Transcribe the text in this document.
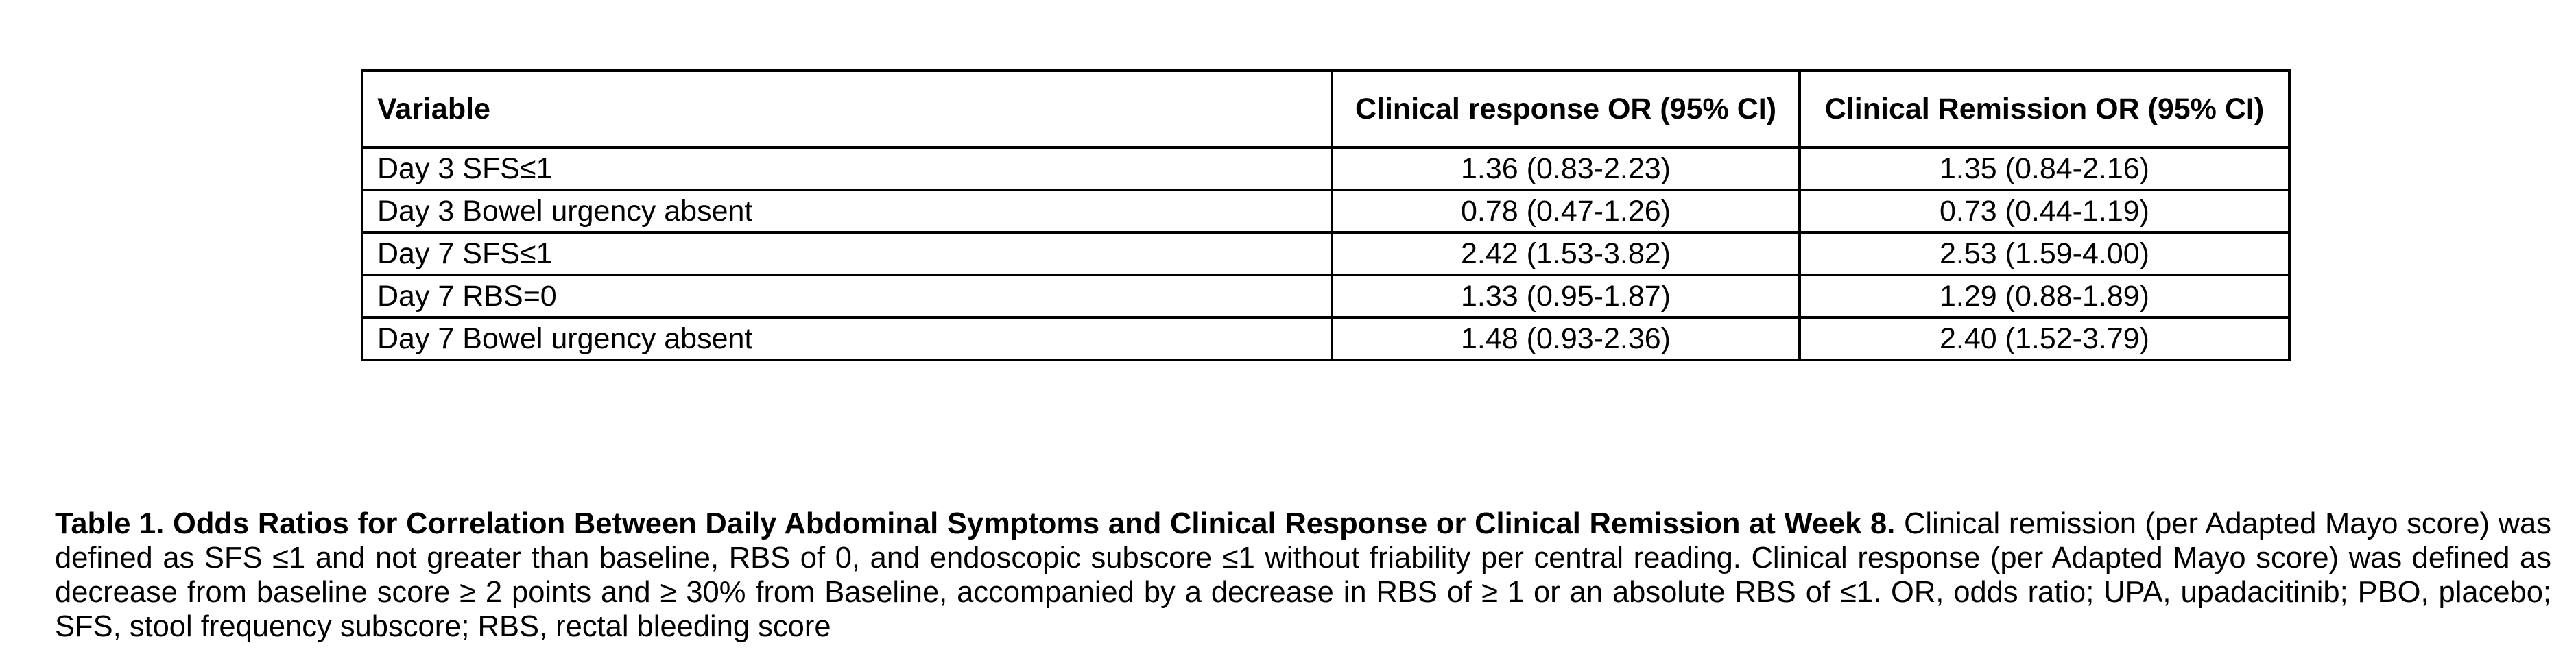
Variable	Clinical response OR (95% CI)	Clinical Remission OR (95% CI)
Day 3 SFS≤1	1.36 (0.83-2.23)	1.35 (0.84-2.16)
Day 3 Bowel urgency absent	0.78 (0.47-1.26)	0.73 (0.44-1.19)
Day 7 SFS≤1	2.42 (1.53-3.82)	2.53 (1.59-4.00)
Day 7 RBS=0	1.33 (0.95-1.87)	1.29 (0.88-1.89)
Day 7 Bowel urgency absent	1.48 (0.93-2.36)	2.40 (1.52-3.79)

Table 1. Odds Ratios for Correlation Between Daily Abdominal Symptoms and Clinical Response or Clinical Remission at Week 8. Clinical remission (per Adapted Mayo score) was defined as SFS ≤1 and not greater than baseline, RBS of 0, and endoscopic subscore ≤1 without friability per central reading. Clinical response (per Adapted Mayo score) was defined as decrease from baseline score ≥ 2 points and ≥ 30% from Baseline, accompanied by a decrease in RBS of ≥ 1 or an absolute RBS of ≤1. OR, odds ratio; UPA, upadacitinib; PBO, placebo; SFS, stool frequency subscore; RBS, rectal bleeding score
